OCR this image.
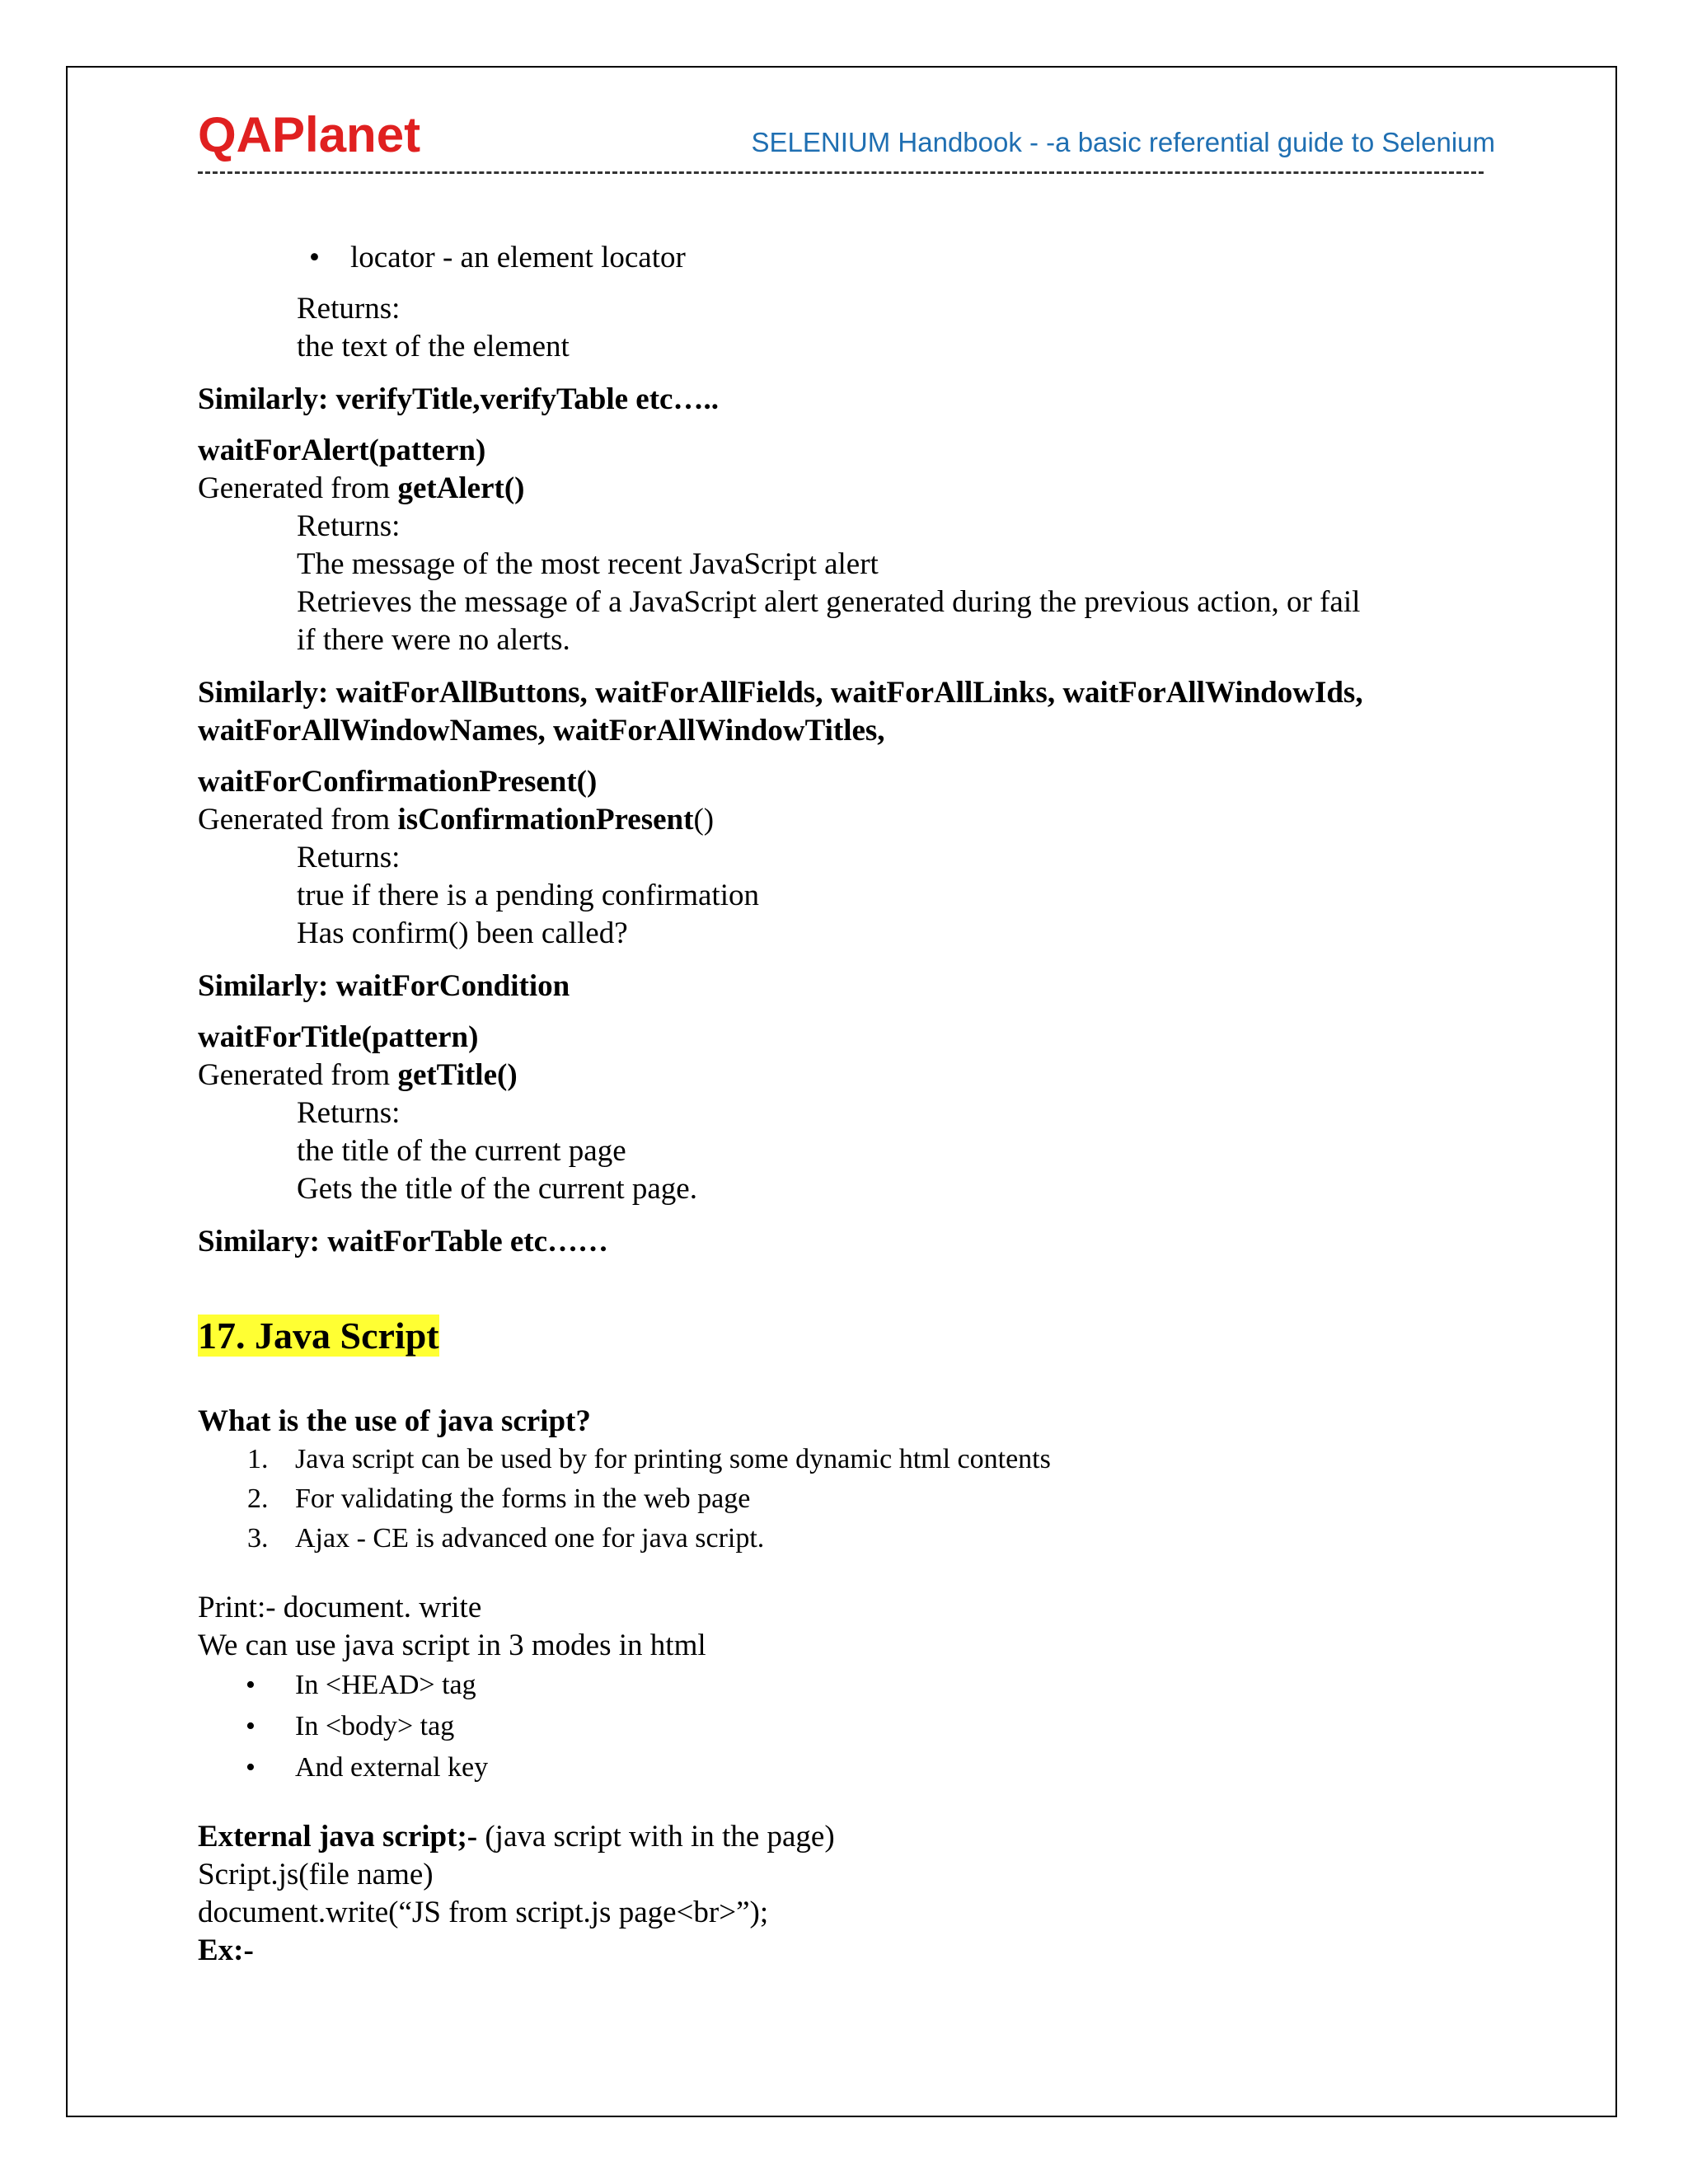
QAPlanet	SELENIUM Handbook - -a basic referential guide to Selenium
• locator - an element locator
Returns:
the text of the element
Similarly: verifyTitle,verifyTable etc…..
waitForAlert(pattern)
Generated from getAlert()
Returns:
The message of the most recent JavaScript alert
Retrieves the message of a JavaScript alert generated during the previous action, or fail
if there were no alerts.
Similarly: waitForAllButtons, waitForAllFields, waitForAllLinks, waitForAllWindowIds,
waitForAllWindowNames, waitForAllWindowTitles,
waitForConfirmationPresent()
Generated from isConfirmationPresent()
Returns:
true if there is a pending confirmation
Has confirm() been called?
Similarly: waitForCondition
waitForTitle(pattern)
Generated from getTitle()
Returns:
the title of the current page
Gets the title of the current page.
Similary: waitForTable etc……
17. Java Script
What is the use of java script?
1. Java script can be used by for printing some dynamic html contents
2. For validating the forms in the web page
3. Ajax - CE is advanced one for java script.
Print:- document. write
We can use java script in 3 modes in html
• In <HEAD> tag
• In <body> tag
• And external key
External java script;- (java script with in the page)
Script.js(file name)
document.write(“JS from script.js page<br>”);
Ex:-
